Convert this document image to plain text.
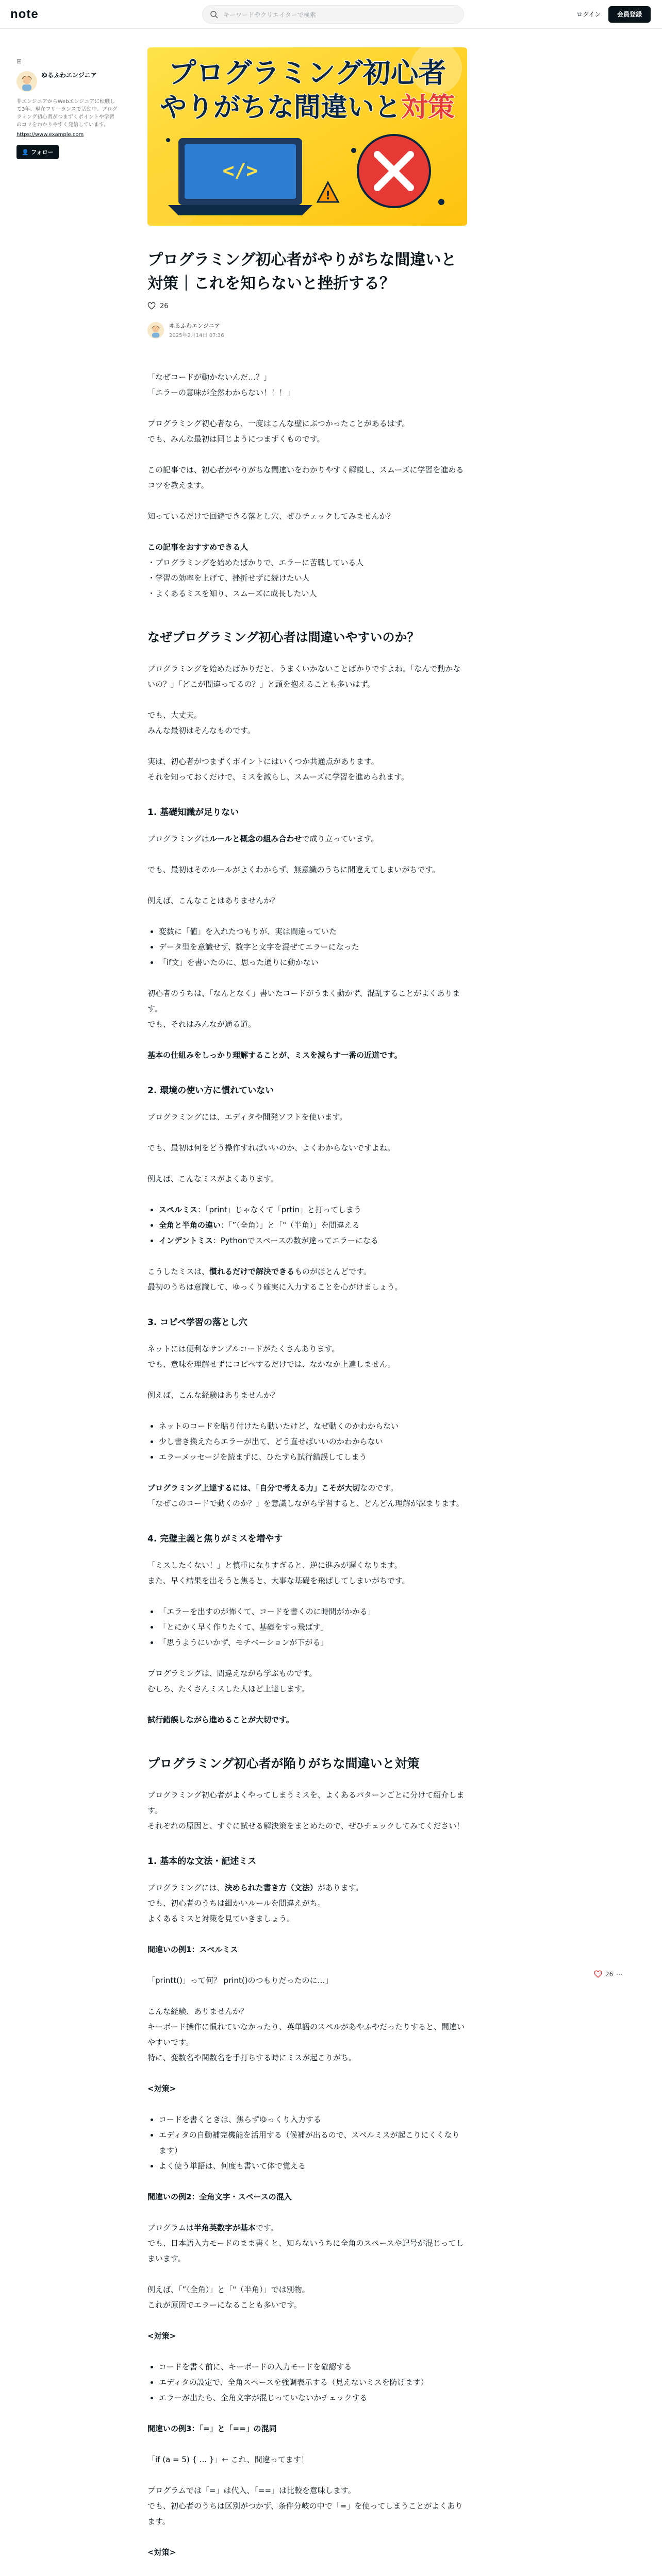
note
キーワードやクリエイターで検索	ログイン	会員登録
⊞
ゆるふわエンジニア
非エンジニアからWebエンジニアに転職して3年、現在フリーランスで活動中。プログラミング初心者がつまずくポイントや学習のコツをわかりやすく発信しています。
https://www.example.com
👤 フォロー
プログラミング初心者
やりがちな間違いと対策
</>
!
プログラミング初心者がやりがちな間違いと対策｜これを知らないと挫折する？
26
ゆるふわエンジニア
2025年2月14日 07:36

「なぜコードが動かないんだ…？」
「エラーの意味が全然わからない！！！」

プログラミング初心者なら、一度はこんな壁にぶつかったことがあるはず。
でも、みんな最初は同じようにつまずくものです。

この記事では、初心者がやりがちな間違いをわかりやすく解説し、スムーズに学習を進めるコツを教えます。

知っているだけで回避できる落とし穴、ぜひチェックしてみませんか？

この記事をおすすめできる人
・プログラミングを始めたばかりで、エラーに苦戦している人
・学習の効率を上げて、挫折せずに続けたい人
・よくあるミスを知り、スムーズに成長したい人

なぜプログラミング初心者は間違いやすいのか？

プログラミングを始めたばかりだと、うまくいかないことばかりですよね。「なんで動かないの？」「どこが間違ってるの？」と頭を抱えることも多いはず。

でも、大丈夫。
みんな最初はそんなものです。

実は、初心者がつまずくポイントにはいくつか共通点があります。
それを知っておくだけで、ミスを減らし、スムーズに学習を進められます。

1. 基礎知識が足りない

プログラミングはルールと概念の組み合わせで成り立っています。

でも、最初はそのルールがよくわからず、無意識のうちに間違えてしまいがちです。

例えば、こんなことはありませんか？

• 変数に「値」を入れたつもりが、実は間違っていた
• データ型を意識せず、数字と文字を混ぜてエラーになった
• 「if文」を書いたのに、思った通りに動かない

初心者のうちは、「なんとなく」書いたコードがうまく動かず、混乱することがよくあります。
でも、それはみんなが通る道。

基本の仕組みをしっかり理解することが、ミスを減らす一番の近道です。

2. 環境の使い方に慣れていない

プログラミングには、エディタや開発ソフトを使います。

でも、最初は何をどう操作すればいいのか、よくわからないですよね。

例えば、こんなミスがよくあります。

• スペルミス：「print」じゃなくて「prtin」と打ってしまう
• 全角と半角の違い：「”（全角）」と「"（半角）」を間違える
• インデントミス：Pythonでスペースの数が違ってエラーになる

こうしたミスは、慣れるだけで解決できるものがほとんどです。
最初のうちは意識して、ゆっくり確実に入力することを心がけましょう。

3. コピペ学習の落とし穴

ネットには便利なサンプルコードがたくさんあります。
でも、意味を理解せずにコピペするだけでは、なかなか上達しません。

例えば、こんな経験はありませんか？

• ネットのコードを貼り付けたら動いたけど、なぜ動くのかわからない
• 少し書き換えたらエラーが出て、どう直せばいいのかわからない
• エラーメッセージを読まずに、ひたすら試行錯誤してしまう

プログラミング上達するには、「自分で考える力」こそが大切なのです。
「なぜこのコードで動くのか？」を意識しながら学習すると、どんどん理解が深まります。

4. 完璧主義と焦りがミスを増やす

「ミスしたくない！」と慎重になりすぎると、逆に進みが遅くなります。
また、早く結果を出そうと焦ると、大事な基礎を飛ばしてしまいがちです。

• 「エラーを出すのが怖くて、コードを書くのに時間がかかる」
• 「とにかく早く作りたくて、基礎をすっ飛ばす」
• 「思うようにいかず、モチベーションが下がる」

プログラミングは、間違えながら学ぶものです。
むしろ、たくさんミスした人ほど上達します。

試行錯誤しながら進めることが大切です。

プログラミング初心者が陥りがちな間違いと対策

プログラミング初心者がよくやってしまうミスを、よくあるパターンごとに分けて紹介します。
それぞれの原因と、すぐに試せる解決策をまとめたので、ぜひチェックしてみてください！

1. 基本的な文法・記述ミス

プログラミングには、決められた書き方（文法）があります。
でも、初心者のうちは細かいルールを間違えがち。
よくあるミスと対策を見ていきましょう。

間違いの例1：スペルミス

「printt()」って何？ print()のつもりだったのに…」

こんな経験、ありませんか？
キーボード操作に慣れていなかったり、英単語のスペルがあやふやだったりすると、間違いやすいです。
特に、変数名や関数名を手打ちする時にミスが起こりがち。

<対策>

• コードを書くときは、焦らずゆっくり入力する
• エディタの自動補完機能を活用する（候補が出るので、スペルミスが起こりにくくなります）
• よく使う単語は、何度も書いて体で覚える

間違いの例2：全角文字・スペースの混入

プログラムは半角英数字が基本です。
でも、日本語入力モードのまま書くと、知らないうちに全角のスペースや記号が混じってしまいます。

例えば、「”（全角）」と「"（半角）」では別物。
これが原因でエラーになることも多いです。

<対策>

• コードを書く前に、キーボードの入力モードを確認する
• エディタの設定で、全角スペースを強調表示する（見えないミスを防げます）
• エラーが出たら、全角文字が混じっていないかチェックする

間違いの例3：「=」と「==」の混同

「if (a = 5) { ... }」← これ、間違ってます！

プログラムでは「=」は代入、「==」は比較を意味します。
でも、初心者のうちは区別がつかず、条件分岐の中で「=」を使ってしまうことがよくあります。

<対策>

26 ⋯
